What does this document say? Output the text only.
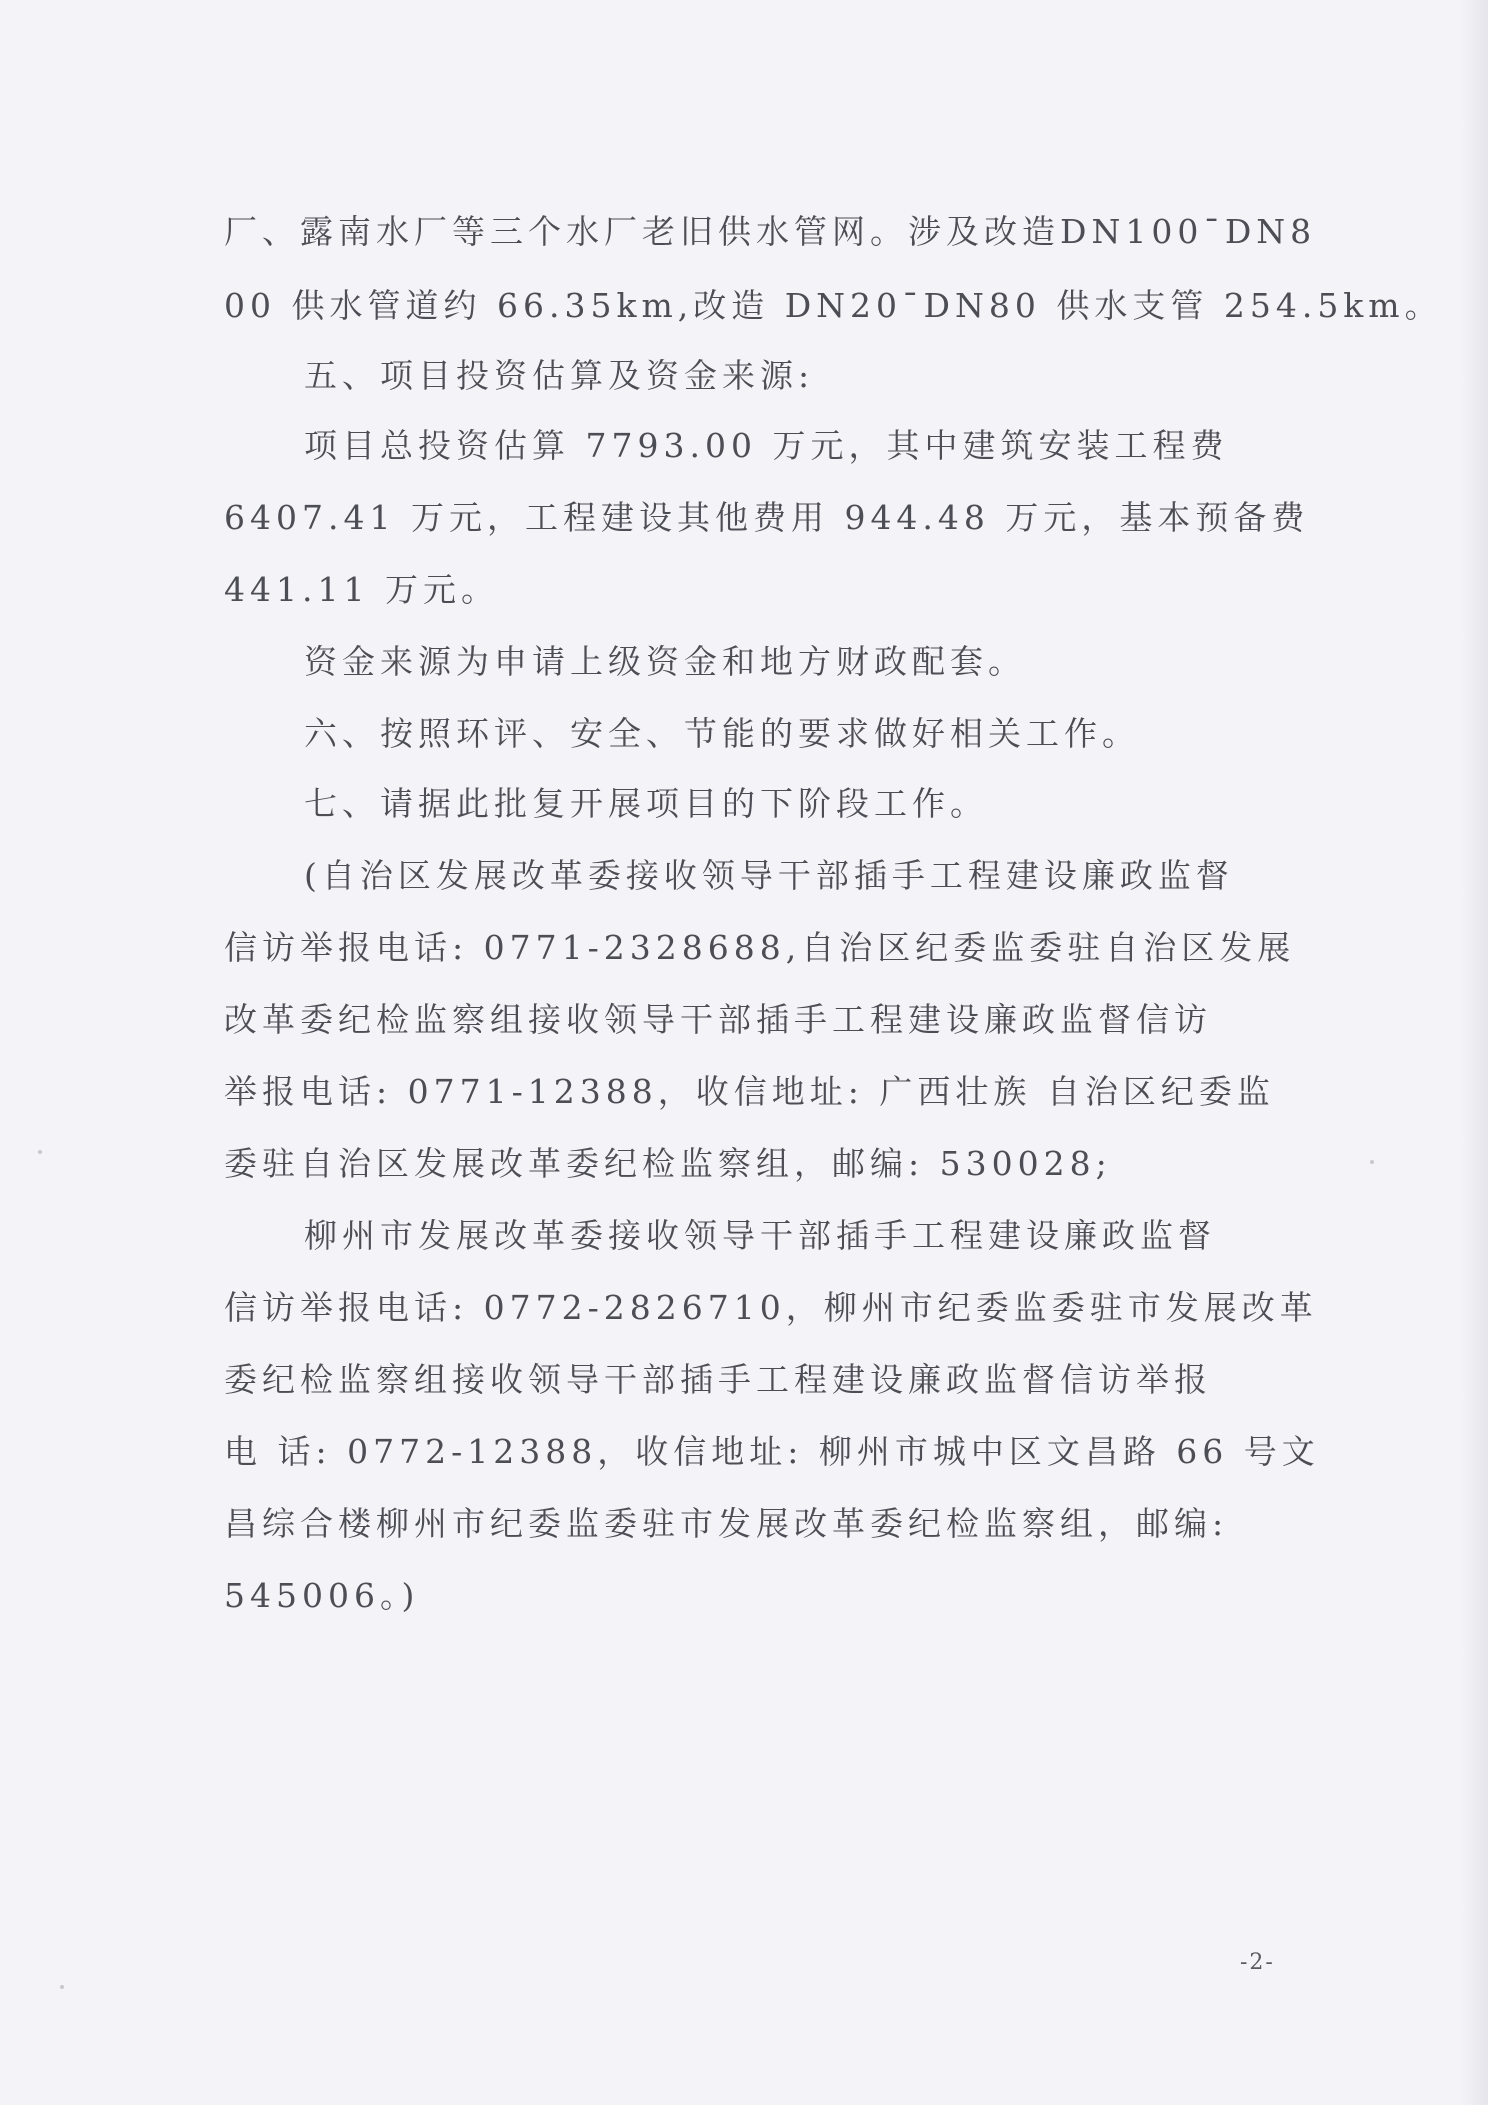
厂、露南水厂等三个水厂老旧供水管网。涉及改造DN100¯DN8
00 供水管道约 66.35km,改造 DN20¯DN80 供水支管 254.5km。
五、项目投资估算及资金来源:
项目总投资估算 7793.00 万元，其中建筑安装工程费
6407.41 万元，工程建设其他费用 944.48 万元，基本预备费
441.11 万元。
资金来源为申请上级资金和地方财政配套。
六、按照环评、安全、节能的要求做好相关工作。
七、请据此批复开展项目的下阶段工作。
(自治区发展改革委接收领导干部插手工程建设廉政监督
信访举报电话: 0771-2328688,自治区纪委监委驻自治区发展
改革委纪检监察组接收领导干部插手工程建设廉政监督信访
举报电话: 0771-12388，收信地址: 广西壮族 自治区纪委监
委驻自治区发展改革委纪检监察组，邮编: 530028;
柳州市发展改革委接收领导干部插手工程建设廉政监督
信访举报电话: 0772-2826710，柳州市纪委监委驻市发展改革
委纪检监察组接收领导干部插手工程建设廉政监督信访举报
电 话: 0772-12388，收信地址: 柳州市城中区文昌路 66 号文
昌综合楼柳州市纪委监委驻市发展改革委纪检监察组，邮编:
545006。)
-2-
